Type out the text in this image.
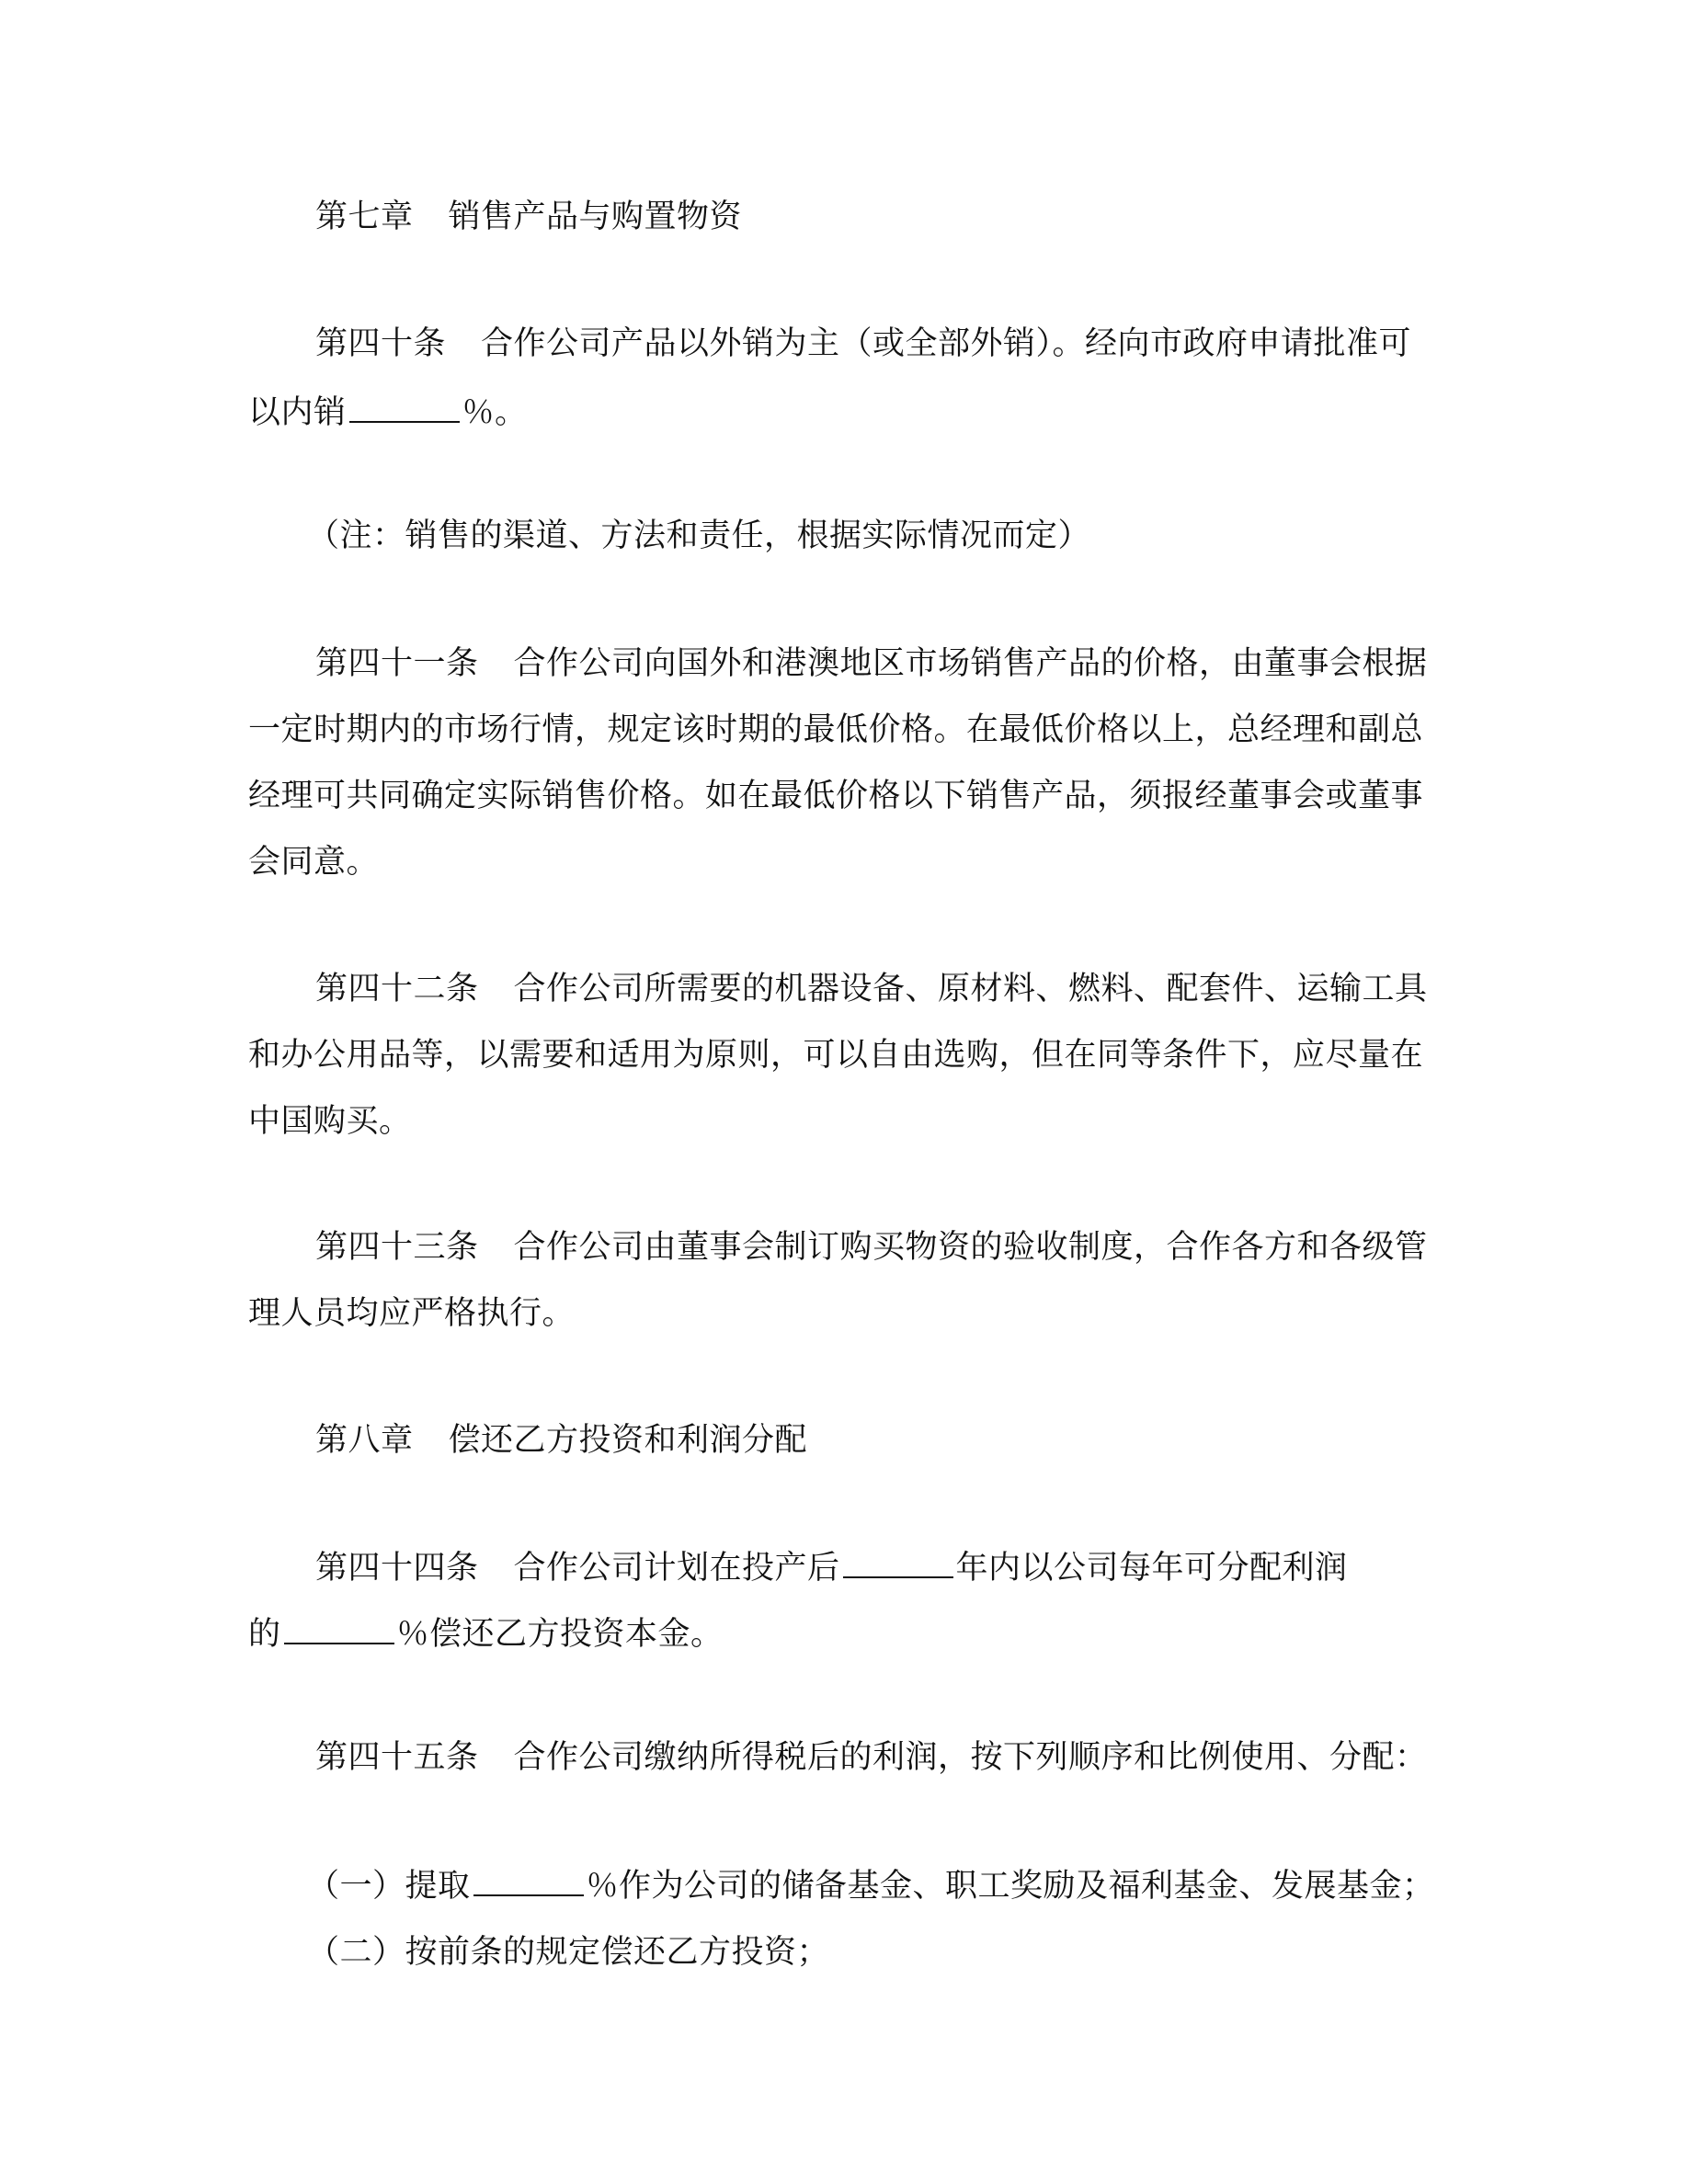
第七章 销售产品与购置物资
第四十条 合作公司产品以外销为主（或全部外销）。经向市政府申请批准可
以内销	％。
（注：销售的渠道、方法和责任，根据实际情况而定）
第四十一条 合作公司向国外和港澳地区市场销售产品的价格，由董事会根据
一定时期内的市场行情，规定该时期的最低价格。在最低价格以上，总经理和副总
经理可共同确定实际销售价格。如在最低价格以下销售产品，须报经董事会或董事
会同意。
第四十二条 合作公司所需要的机器设备、原材料、燃料、配套件、运输工具
和办公用品等，以需要和适用为原则，可以自由选购，但在同等条件下，应尽量在
中国购买。
第四十三条 合作公司由董事会制订购买物资的验收制度，合作各方和各级管
理人员均应严格执行。
第八章 偿还乙方投资和利润分配
第四十四条 合作公司计划在投产后	年内以公司每年可分配利润
的	％偿还乙方投资本金。
第四十五条 合作公司缴纳所得税后的利润，按下列顺序和比例使用、分配：
（一）提取	％作为公司的储备基金、职工奖励及福利基金、发展基金；
（二）按前条的规定偿还乙方投资；
